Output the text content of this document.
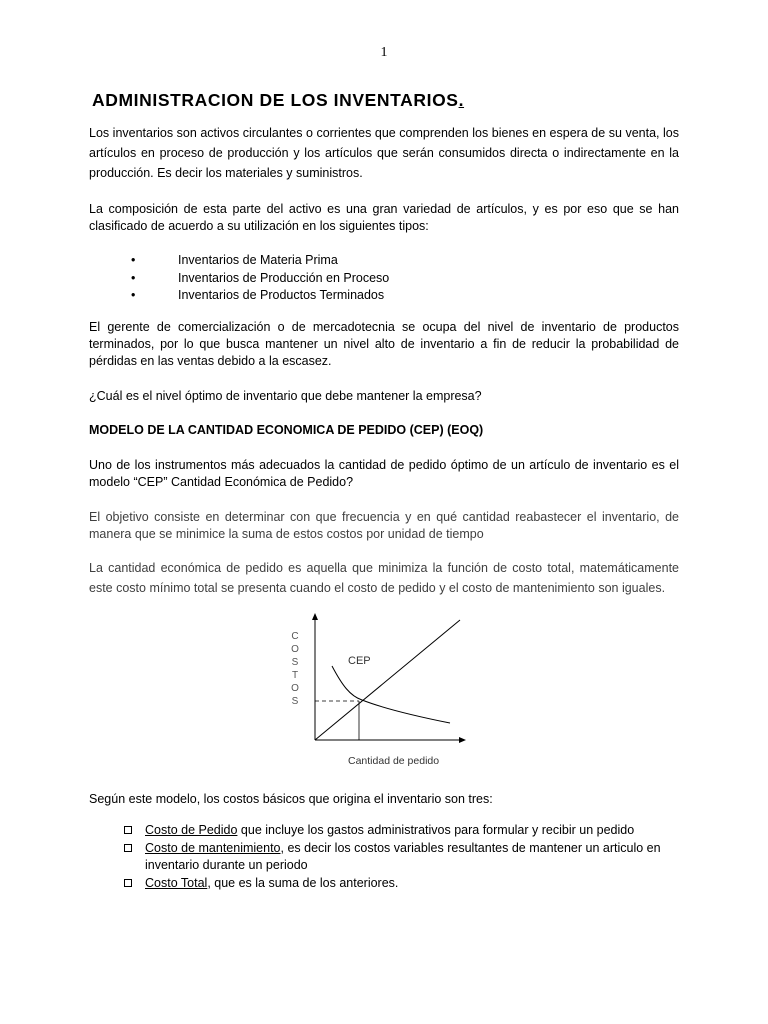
1
ADMINISTRACION DE LOS INVENTARIOS.

Los inventarios son activos circulantes o corrientes que comprenden los bienes en espera de su venta, los artículos en proceso de producción y los artículos que serán consumidos directa o indirectamente en la producción. Es decir los materiales y suministros.

La composición de esta parte del activo es una gran variedad de artículos, y es por eso que se han clasificado de acuerdo a su utilización en los siguientes tipos:

•	Inventarios de Materia Prima
•	Inventarios de Producción en Proceso
•	Inventarios de Productos Terminados

El gerente de comercialización o de mercadotecnia se ocupa del nivel de inventario de productos terminados, por lo que busca mantener un nivel alto de inventario a fin de reducir la probabilidad de pérdidas en las ventas debido a la escasez.

¿Cuál es el nivel óptimo de inventario que debe mantener la empresa?

MODELO DE LA CANTIDAD ECONOMICA DE PEDIDO (CEP) (EOQ)

Uno de los instrumentos más adecuados la cantidad de pedido óptimo de un artículo de inventario es el modelo “CEP” Cantidad Económica de Pedido?

El objetivo consiste en determinar con que frecuencia y en qué cantidad reabastecer el inventario, de manera que se minimice la suma de estos costos por unidad de tiempo

La cantidad económica de pedido es aquella que minimiza la función de costo total, matemáticamente este costo mínimo total se presenta cuando el costo de pedido y el costo de mantenimiento son iguales.

C
O
S
T
O
S
CEP
Cantidad de pedido

Según este modelo, los costos básicos que origina el inventario son tres:

Costo de Pedido que incluye los gastos administrativos para formular y recibir un pedido
Costo de mantenimiento, es decir los costos variables resultantes de mantener un articulo en inventario durante un periodo
Costo Total, que es la suma de los anteriores.
